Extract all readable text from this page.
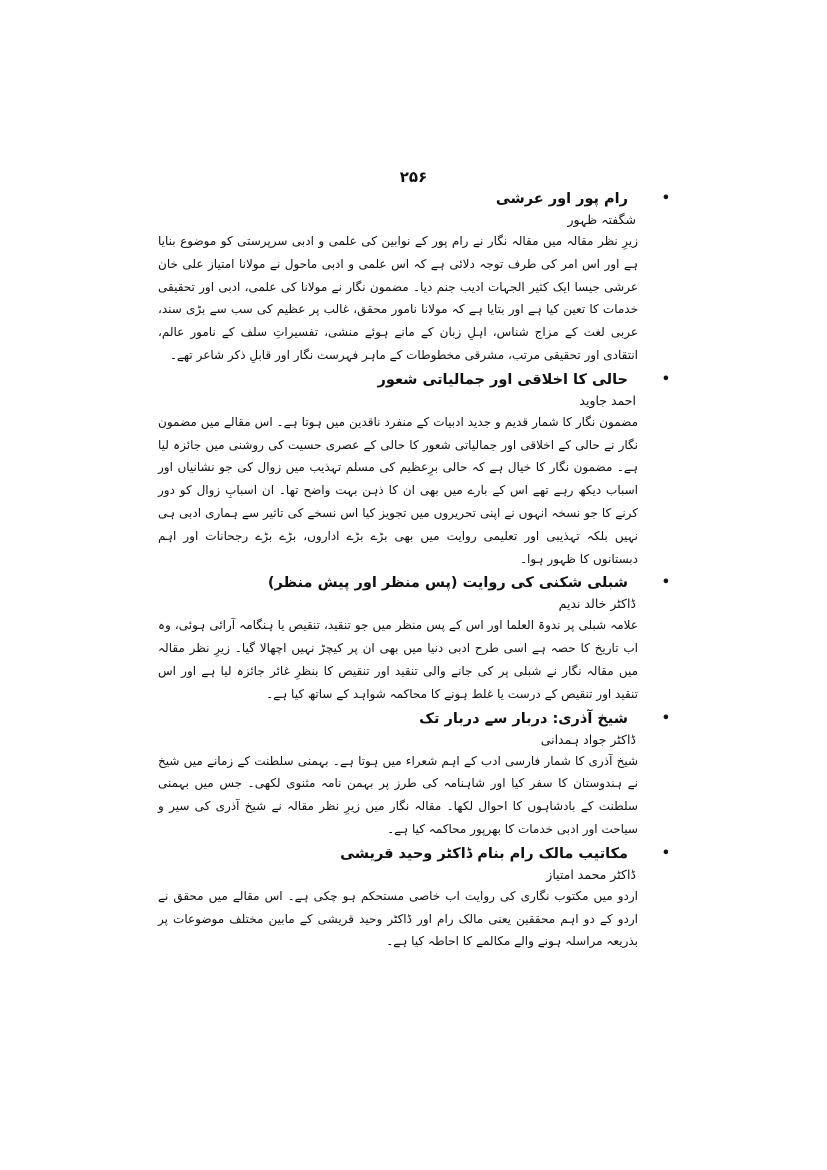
۲۵۶
•
رام پور اور عرشی
شگفتہ ظہور

زیرِ نظر مقالہ میں مقالہ نگار نے رام پور کے نوابین کی علمی و ادبی سرپرستی کو موضوع بنایا ہے اور اس امر کی طرف توجہ دلائی ہے کہ اس علمی و ادبی ماحول نے مولانا امتیاز علی خان عرشی جیسا ایک کثیر الجہات ادیب جنم دیا۔ مضمون نگار نے مولانا کی علمی، ادبی اور تحقیقی خدمات کا تعین کیا ہے اور بتایا ہے کہ مولانا نامور محقق، غالب پر عظیم کی سب سے بڑی سند، عربی لغت کے مزاج شناس، اہلِ زبان کے مانے ہوئے منشی، تفسیراتِ سلف کے نامور عالم، انتقادی اور تحقیقی مرتب، مشرقی مخطوطات کے ماہر فہرست نگار اور قابلِ ذکر شاعر تھے۔

•
حالی کا اخلاقی اور جمالیاتی شعور
احمد جاوید

مضمون نگار کا شمار قدیم و جدید ادبیات کے منفرد ناقدین میں ہوتا ہے۔ اس مقالے میں مضمون نگار نے حالی کے اخلاقی اور جمالیاتی شعور کا حالی کے عصری حسیت کی روشنی میں جائزہ لیا ہے۔ مضمون نگار کا خیال ہے کہ حالی برِعظیم کی مسلم تہذیب میں زوال کی جو نشانیاں اور اسباب دیکھ رہے تھے اس کے بارے میں بھی ان کا ذہن بہت واضح تھا۔ ان اسبابِ زوال کو دور کرنے کا جو نسخہ انہوں نے اپنی تحریروں میں تجویز کیا اس نسخے کی تاثیر سے ہماری ادبی ہی نہیں بلکہ تہذیبی اور تعلیمی روایت میں بھی بڑے بڑے اداروں، بڑے بڑے رجحانات اور اہم دبستانوں کا ظہور ہوا۔

•
شبلی شکنی کی روایت (پس منظر اور پیش منظر)
ڈاکٹر خالد ندیم

علامہ شبلی پر ندوۃ العلما اور اس کے پس منظر میں جو تنقید، تنقیص یا ہنگامہ آرائی ہوئی، وہ اب تاریخ کا حصہ ہے اسی طرح ادبی دنیا میں بھی ان پر کیچڑ نہیں اچھالا گیا۔ زیرِ نظر مقالہ میں مقالہ نگار نے شبلی پر کی جانے والی تنقید اور تنقیص کا بنظرِ غائر جائزہ لیا ہے اور اس تنقید اور تنقیص کے درست یا غلط ہونے کا محاکمہ شواہد کے ساتھ کیا ہے۔

•
شیخ آذری: دربار سے دربار تک
ڈاکٹر جواد ہمدانی

شیخ آذری کا شمار فارسی ادب کے اہم شعراء میں ہوتا ہے۔ بہمنی سلطنت کے زمانے میں شیخ نے ہندوستان کا سفر کیا اور شاہنامہ کی طرز پر بہمن نامہ مثنوی لکھی۔ جس میں بہمنی سلطنت کے بادشاہوں کا احوال لکھا۔ مقالہ نگار میں زیرِ نظر مقالہ نے شیخ آذری کی سیر و سیاحت اور ادبی خدمات کا بھرپور محاکمہ کیا ہے۔

•
مکاتیب مالک رام بنام ڈاکٹر وحید قریشی
ڈاکٹر محمد امتیاز

اردو میں مکتوب نگاری کی روایت اب خاصی مستحکم ہو چکی ہے۔ اس مقالے میں محقق نے اردو کے دو اہم محققین یعنی مالک رام اور ڈاکٹر وحید قریشی کے مابین مختلف موضوعات پر بذریعہ مراسلہ ہونے والے مکالمے کا احاطہ کیا ہے۔
